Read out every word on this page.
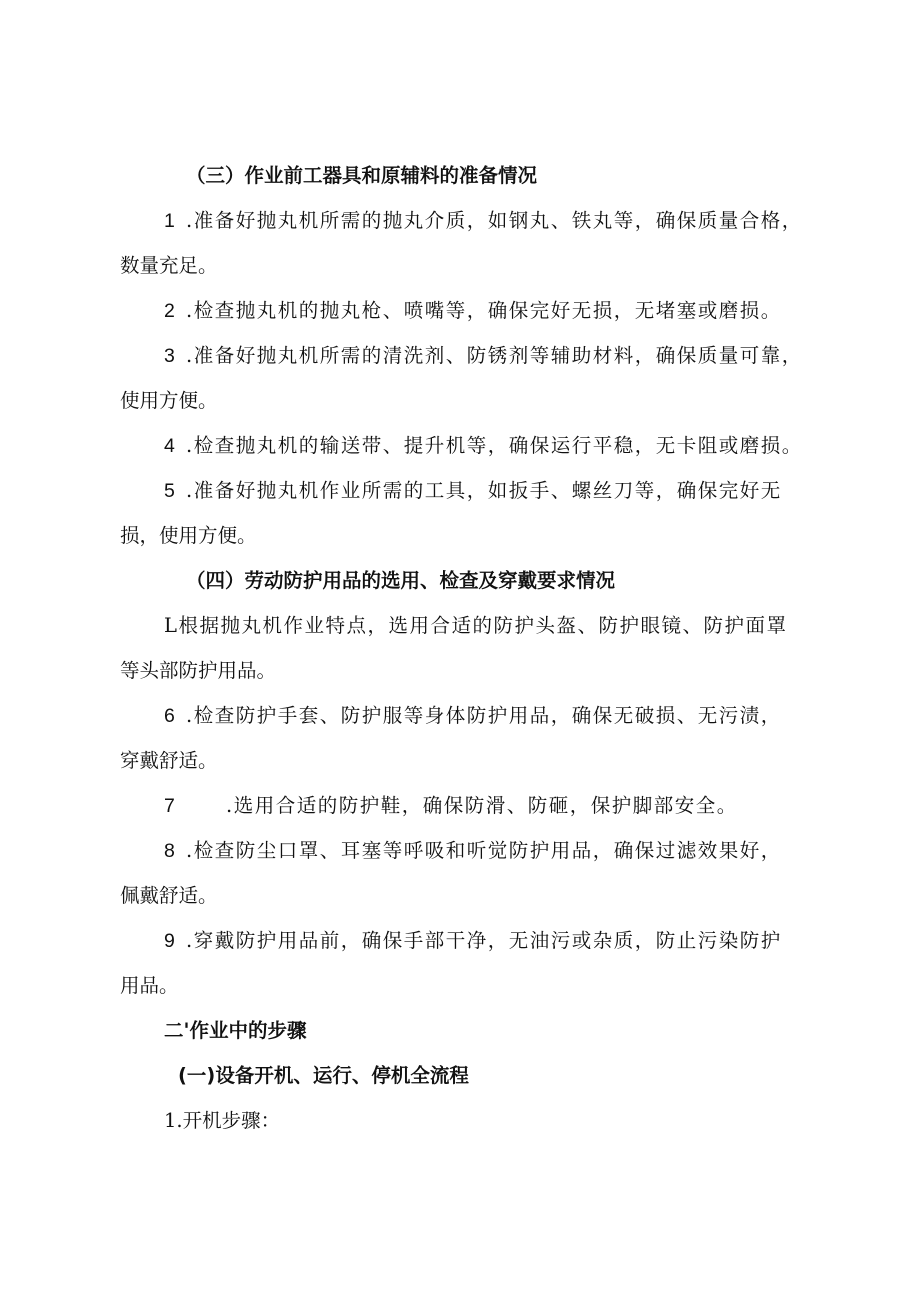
（三）作业前工器具和原辅料的准备情况
1 .准备好抛丸机所需的抛丸介质，如钢丸、铁丸等，确保质量合格，
数量充足。
2 .检查抛丸机的抛丸枪、喷嘴等，确保完好无损，无堵塞或磨损。
3 .准备好抛丸机所需的清洗剂、防锈剂等辅助材料，确保质量可靠，
使用方便。
4 .检查抛丸机的输送带、提升机等，确保运行平稳，无卡阻或磨损。
5 .准备好抛丸机作业所需的工具，如扳手、螺丝刀等，确保完好无
损，使用方便。
（四）劳动防护用品的选用、检查及穿戴要求情况
L根据抛丸机作业特点，选用合适的防护头盔、防护眼镜、防护面罩
等头部防护用品。
6 .检查防护手套、防护服等身体防护用品，确保无破损、无污渍，
穿戴舒适。
7	.选用合适的防护鞋，确保防滑、防砸，保护脚部安全。
8 .检查防尘口罩、耳塞等呼吸和听觉防护用品，确保过滤效果好，
佩戴舒适。
9 .穿戴防护用品前，确保手部干净，无油污或杂质，防止污染防护
用品。
二'作业中的步骤
(一)设备开机、运行、停机全流程
1.开机步骤：
